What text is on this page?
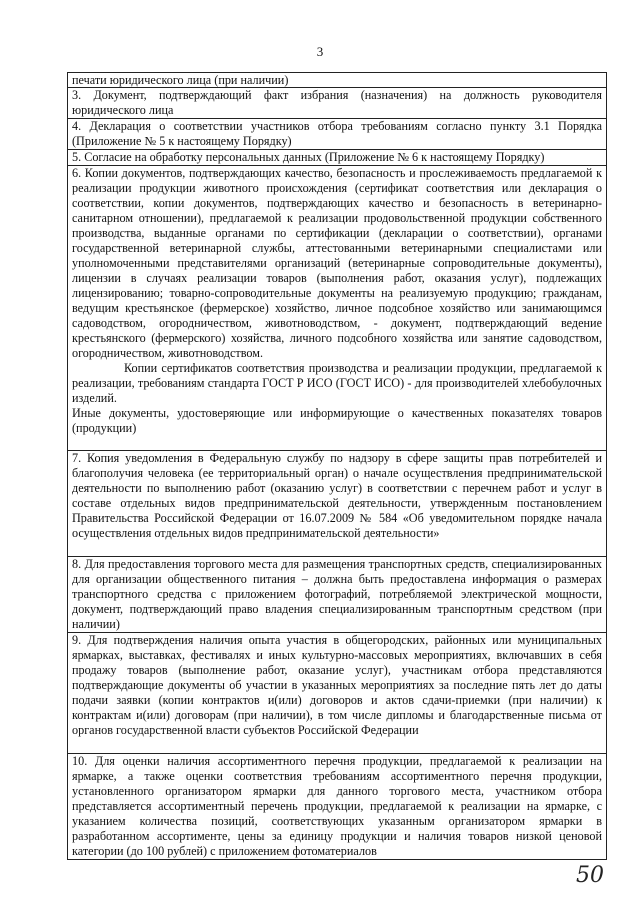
3

печати юридического лица (при наличии)

3. Документ, подтверждающий факт избрания (назначения) на должность руководителя юридического лица

4. Декларация о соответствии участников отбора требованиям согласно пункту 3.1 Порядка (Приложение № 5 к настоящему Порядку)

5. Согласие на обработку персональных данных (Приложение № 6 к настоящему Порядку)

6. Копии документов, подтверждающих качество, безопасность и прослеживаемость предлагаемой к реализации продукции животного происхождения (сертификат соответствия или декларация о соответствии, копии документов, подтверждающих качество и безопасность в ветеринарно-санитарном отношении), предлагаемой к реализации продовольственной продукции собственного производства, выданные органами по сертификации (декларации о соответствии), органами государственной ветеринарной службы, аттестованными ветеринарными специалистами или уполномоченными представителями организаций (ветеринарные сопроводительные документы), лицензии в случаях реализации товаров (выполнения работ, оказания услуг), подлежащих лицензированию; товарно-сопроводительные документы на реализуемую продукцию; гражданам, ведущим крестьянское (фермерское) хозяйство, личное подсобное хозяйство или занимающимся садоводством, огородничеством, животноводством, - документ, подтверждающий ведение крестьянского (фермерского) хозяйства, личного подсобного хозяйства или занятие садоводством, огородничеством, животноводством.

Копии сертификатов соответствия производства и реализации продукции, предлагаемой к реализации, требованиям стандарта ГОСТ Р ИСО (ГОСТ ИСО) - для производителей хлебобулочных изделий.

Иные документы, удостоверяющие или информирующие о качественных показателях товаров (продукции)

7. Копия уведомления в Федеральную службу по надзору в сфере защиты прав потребителей и благополучия человека (ее территориальный орган) о начале осуществления предпринимательской деятельности по выполнению работ (оказанию услуг) в соответствии с перечнем работ и услуг в составе отдельных видов предпринимательской деятельности, утвержденным постановлением Правительства Российской Федерации от 16.07.2009 № 584 «Об уведомительном порядке начала осуществления отдельных видов предпринимательской деятельности»

8. Для предоставления торгового места для размещения транспортных средств, специализированных для организации общественного питания – должна быть предоставлена информация о размерах транспортного средства с приложением фотографий, потребляемой электрической мощности, документ, подтверждающий право владения специализированным транспортным средством (при наличии)

9. Для подтверждения наличия опыта участия в общегородских, районных или муниципальных ярмарках, выставках, фестивалях и иных культурно-массовых мероприятиях, включавших в себя продажу товаров (выполнение работ, оказание услуг), участникам отбора представляются подтверждающие документы об участии в указанных мероприятиях за последние пять лет до даты подачи заявки (копии контрактов и(или) договоров и актов сдачи-приемки (при наличии) к контрактам и(или) договорам (при наличии), в том числе дипломы и благодарственные письма от органов государственной власти субъектов Российской Федерации

10. Для оценки наличия ассортиментного перечня продукции, предлагаемой к реализации на ярмарке, а также оценки соответствия требованиям ассортиментного перечня продукции, установленного организатором ярмарки для данного торгового места, участником отбора представляется ассортиментный перечень продукции, предлагаемой к реализации на ярмарке, с указанием количества позиций, соответствующих указанным организатором ярмарки в разработанном ассортименте, цены за единицу продукции и наличия товаров низкой ценовой категории (до 100 рублей) с приложением фотоматериалов

50
